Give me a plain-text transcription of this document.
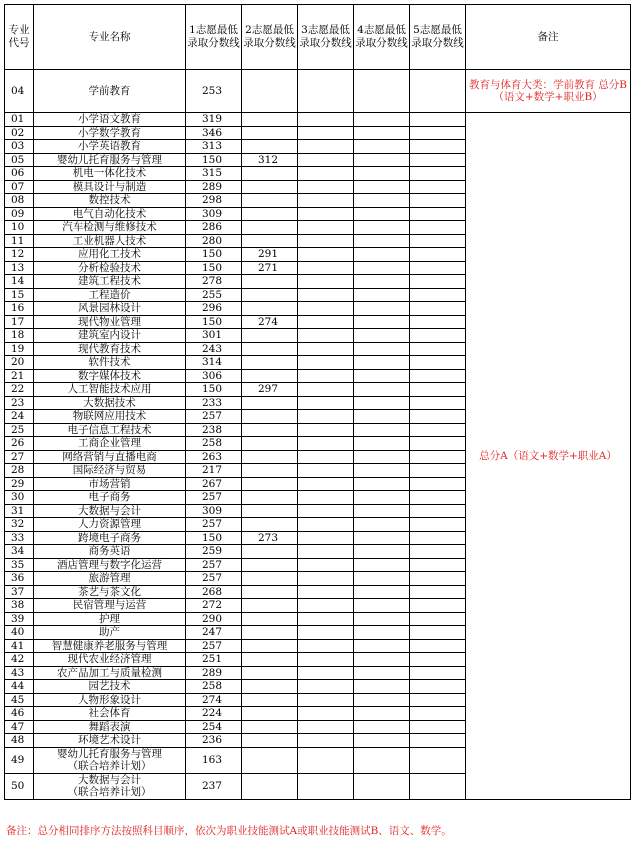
专业代号	专业名称	1志愿最低录取分数线	2志愿最低录取分数线	3志愿最低录取分数线	4志愿最低录取分数线	5志愿最低录取分数线	备注
04	学前教育	253					教育与体育大类：学前教育 总分B（语文+数学+职业B）
01	小学语文教育	319					总分A（语文+数学+职业A）
02	小学数学教育	346					
03	小学英语教育	313					
05	婴幼儿托育服务与管理	150	312				
06	机电一体化技术	315					
07	模具设计与制造	289					
08	数控技术	298					
09	电气自动化技术	309					
10	汽车检测与维修技术	286					
11	工业机器人技术	280					
12	应用化工技术	150	291				
13	分析检验技术	150	271				
14	建筑工程技术	278					
15	工程造价	255					
16	风景园林设计	296					
17	现代物业管理	150	274				
18	建筑室内设计	301					
19	现代教育技术	243					
20	软件技术	314					
21	数字媒体技术	306					
22	人工智能技术应用	150	297				
23	大数据技术	233					
24	物联网应用技术	257					
25	电子信息工程技术	238					
26	工商企业管理	258					
27	网络营销与直播电商	263					
28	国际经济与贸易	217					
29	市场营销	267					
30	电子商务	257					
31	大数据与会计	309					
32	人力资源管理	257					
33	跨境电子商务	150	273				
34	商务英语	259					
35	酒店管理与数字化运营	257					
36	旅游管理	257					
37	茶艺与茶文化	268					
38	民宿管理与运营	272					
39	护理	290					
40	助产	247					
41	智慧健康养老服务与管理	257					
42	现代农业经济管理	251					
43	农产品加工与质量检测	289					
44	园艺技术	258					
45	人物形象设计	274					
46	社会体育	224					
47	舞蹈表演	254					
48	环境艺术设计	236					
49	婴幼儿托育服务与管理
（联合培养计划）	163					
50	大数据与会计
（联合培养计划）	237					
备注：总分相同排序方法按照科目顺序，依次为职业技能测试A或职业技能测试B、语文、数学。
